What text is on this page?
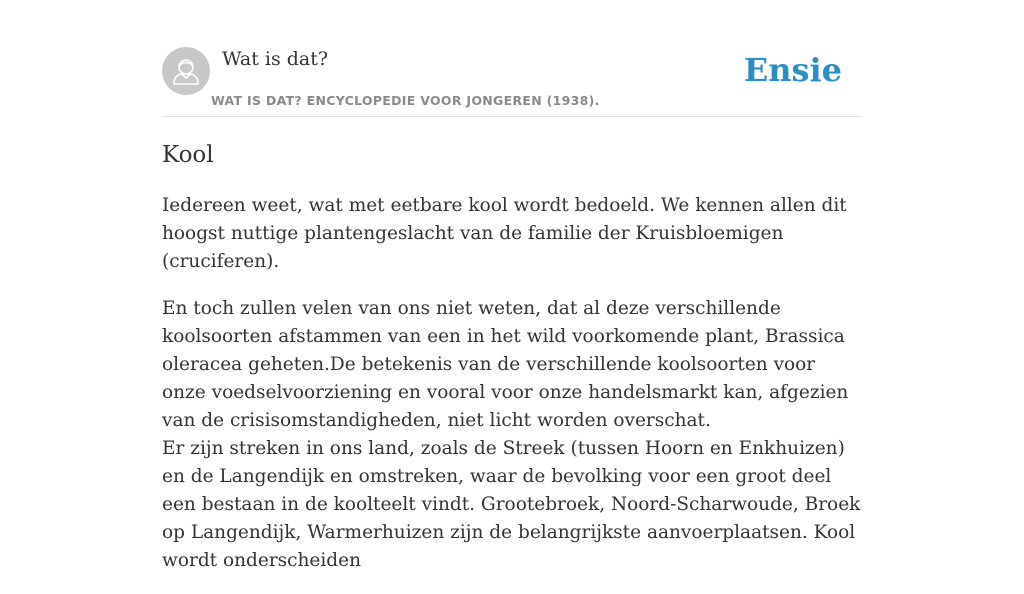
Wat is dat?
WAT IS DAT? ENCYCLOPEDIE VOOR JONGEREN (1938).
Ensie
Kool

Iedereen weet, wat met eetbare kool wordt bedoeld. We kennen allen dit hoogst nuttige plantengeslacht van de familie der Kruisbloemigen (cruciferen).

En toch zullen velen van ons niet weten, dat al deze verschillende koolsoorten afstammen van een in het wild voorkomende plant, Brassica oleracea geheten.De betekenis van de verschillende koolsoorten voor onze voedselvoorziening en vooral voor onze handelsmarkt kan, afgezien van de crisisomstandigheden, niet licht worden overschat.

Er zijn streken in ons land, zoals de Streek (tussen Hoorn en Enkhuizen) en de Langendijk en omstreken, waar de bevolking voor een groot deel een bestaan in de koolteelt vindt. Grootebroek, Noord-Scharwoude, Broek op Langendijk, Warmerhuizen zijn de belangrijkste aanvoerplaatsen. Kool wordt onderscheiden
